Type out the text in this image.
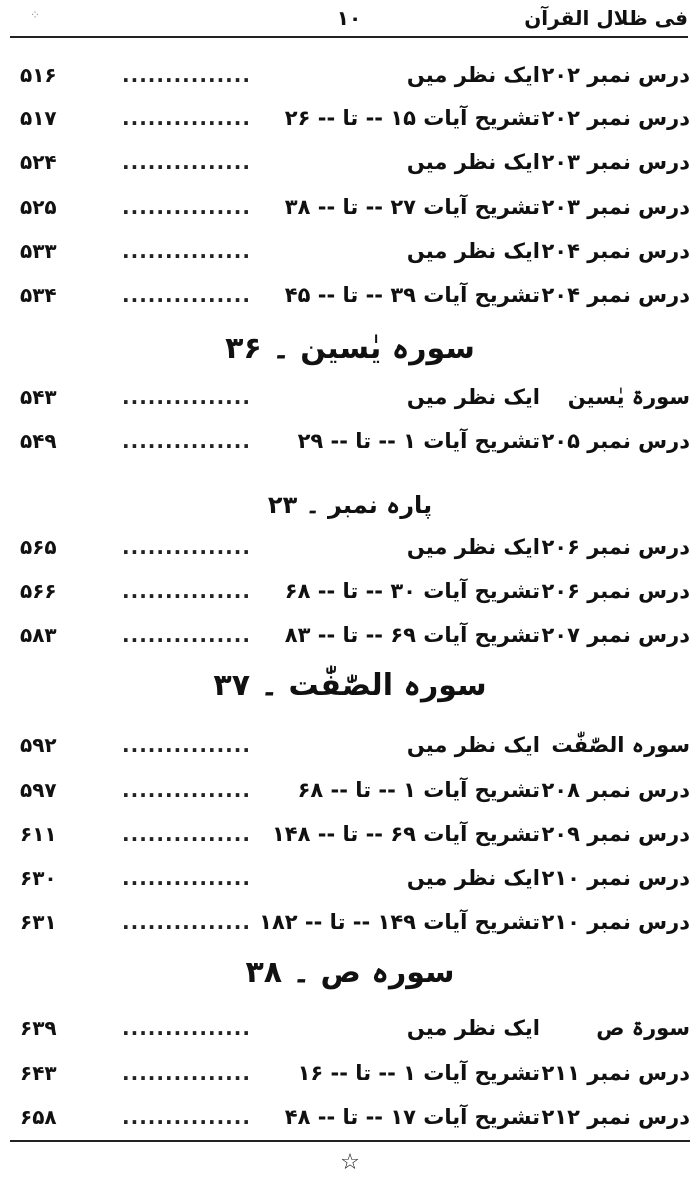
⁘	۱۰	فی ظلال القرآن
درس نمبر ۲۰۲
ایک نظر میں
...............
۵۱۶
درس نمبر ۲۰۲
تشریح آیات ۱۵ -- تا -- ۲۶
...............
۵۱۷
درس نمبر ۲۰۳
ایک نظر میں
...............
۵۲۴
درس نمبر ۲۰۳
تشریح آیات ۲۷ -- تا -- ۳۸
...............
۵۲۵
درس نمبر ۲۰۴
ایک نظر میں
...............
۵۳۳
درس نمبر ۲۰۴
تشریح آیات ۳۹ -- تا -- ۴۵
...............
۵۳۴
سورہ یٰسین ۔ ۳۶
سورۃ یٰسین
ایک نظر میں
...............
۵۴۳
درس نمبر ۲۰۵
تشریح آیات ۱ -- تا -- ۲۹
...............
۵۴۹
پارہ نمبر ۔ ۲۳
درس نمبر ۲۰۶
ایک نظر میں
...............
۵۶۵
درس نمبر ۲۰۶
تشریح آیات ۳۰ -- تا -- ۶۸
...............
۵۶۶
درس نمبر ۲۰۷
تشریح آیات ۶۹ -- تا -- ۸۳
...............
۵۸۳
سورہ الصّٰفّٰت ۔ ۳۷
سورہ الصّٰفّٰت
ایک نظر میں
...............
۵۹۲
درس نمبر ۲۰۸
تشریح آیات ۱ -- تا -- ۶۸
...............
۵۹۷
درس نمبر ۲۰۹
تشریح آیات ۶۹ -- تا -- ۱۴۸
...............
۶۱۱
درس نمبر ۲۱۰
ایک نظر میں
...............
۶۳۰
درس نمبر ۲۱۰
تشریح آیات ۱۴۹ -- تا -- ۱۸۲
...............
۶۳۱
سورہ ص ۔ ۳۸
سورۃ ص
ایک نظر میں
...............
۶۳۹
درس نمبر ۲۱۱
تشریح آیات ۱ -- تا -- ۱۶
...............
۶۴۳
درس نمبر ۲۱۲
تشریح آیات ۱۷ -- تا -- ۴۸
...............
۶۵۸
☆
